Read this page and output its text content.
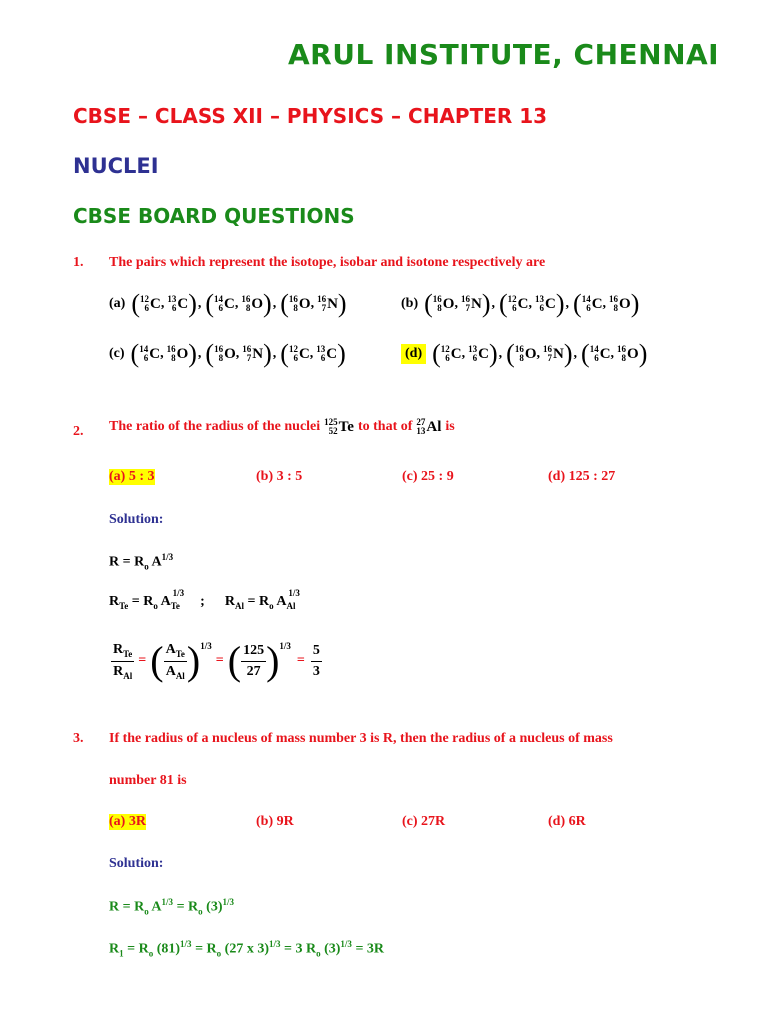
ARUL INSTITUTE, CHENNAI
CBSE – CLASS XII – PHYSICS – CHAPTER 13
NUCLEI
CBSE BOARD QUESTIONS
1. The pairs which represent the isotope, isobar and isotone respectively are
(a) ( 12
6 C , 13
6 C ) , ( 14
6 C , 16
8 O ) , ( 16
8 O , 16
7 N )	(b) ( 16
8 O , 16
7 N ) , ( 12
6 C , 13
6 C ) , ( 14
6 C , 16
8 O )
(c) ( 14
6 C , 16
8 O ) , ( 16
8 O , 16
7 N ) , ( 12
6 C , 13
6 C )	(d) ( 12
6 C , 13
6 C ) , ( 16
8 O , 16
7 N ) , ( 14
6 C , 16
8 O )
2. The ratio of the radius of the nuclei 125
52 Te to that of 27
13 Al is
(a) 5 : 3	(b) 3 : 5	(c) 25 : 9	(d) 125 : 27
Solution:
$R = R_o$ $A^{1/3}$
$R_{Te} = R_o$ $A_{Te}$
1/3
; $R_{Al} = R_o$ $A_{Al}$
1/3
$\frac{R_{Te}}{R_{Al}}$ = ( $\frac{A_{Te}}{A_{Al}} )^{1/3}$
= ( $\frac{125}{27} )^{1/3}$
= $\frac{5}{3}$
3. If the radius of a nucleus of mass number 3 is R, then the radius of a nucleus of mass
number 81 is
(a) 3R	(b) 9R	(c) 27R	(d) 6R
Solution:
$R = R_o$ $A^{1/3} = R_o$ $(3)^{1/3}$
$R_1 = R_o$ $(81)^{1/3} = R_o$ (27 x 3)$^{1/3}$ = 3 $R_o$ $(3)^{1/3} = 3R$
